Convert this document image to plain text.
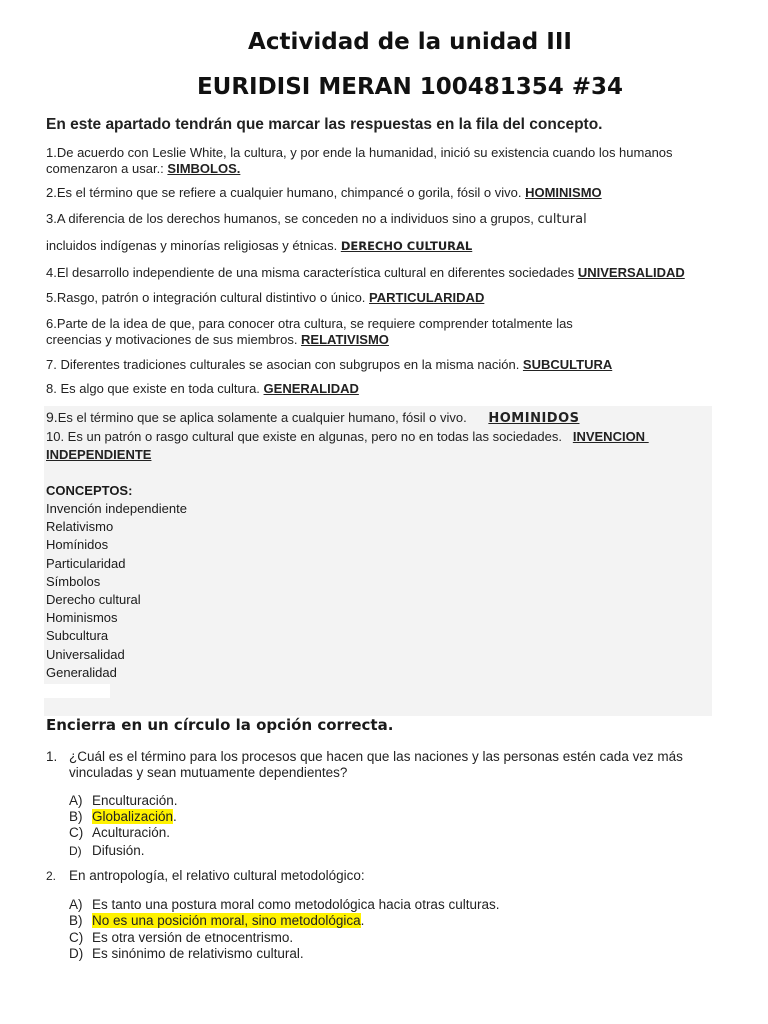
Actividad de la unidad III
EURIDISI MERAN 100481354 #34
En este apartado tendrán que marcar las respuestas en la fila del concepto.
1.De acuerdo con Leslie White, la cultura, y por ende la humanidad, inició su existencia cuando los humanos
comenzaron a usar.: SIMBOLOS.
2.Es el término que se refiere a cualquier humano, chimpancé o gorila, fósil o vivo. HOMINISMO
3.A diferencia de los derechos humanos, se conceden no a individuos sino a grupos, cultural
incluidos indígenas y minorías religiosas y étnicas. DERECHO CULTURAL
4.El desarrollo independiente de una misma característica cultural en diferentes sociedades UNIVERSALIDAD
5.Rasgo, patrón o integración cultural distintivo o único. PARTICULARIDAD
6.Parte de la idea de que, para conocer otra cultura, se requiere comprender totalmente las
creencias y motivaciones de sus miembros. RELATIVISMO
7. Diferentes tradiciones culturales se asocian con subgrupos en la misma nación. SUBCULTURA
8. Es algo que existe en toda cultura. GENERALIDAD
9.Es el término que se aplica solamente a cualquier humano, fósil o vivo.      HOMINIDOS
10. Es un patrón o rasgo cultural que existe en algunas, pero no en todas las sociedades.   INVENCION
INDEPENDIENTE
CONCEPTOS:
Invención independiente
Relativismo
Homínidos
Particularidad
Símbolos
Derecho cultural
Hominismos
Subcultura
Universalidad
Generalidad
Encierra en un círculo la opción correcta.
1. ¿Cuál es el término para los procesos que hacen que las naciones y las personas estén cada vez más vinculadas y sean mutuamente dependientes?
A) Enculturación.
B) Globalización.
C) Aculturación.
D) Difusión.
2. En antropología, el relativo cultural metodológico:
A) Es tanto una postura moral como metodológica hacia otras culturas.
B) No es una posición moral, sino metodológica.
C) Es otra versión de etnocentrismo.
D) Es sinónimo de relativismo cultural.
